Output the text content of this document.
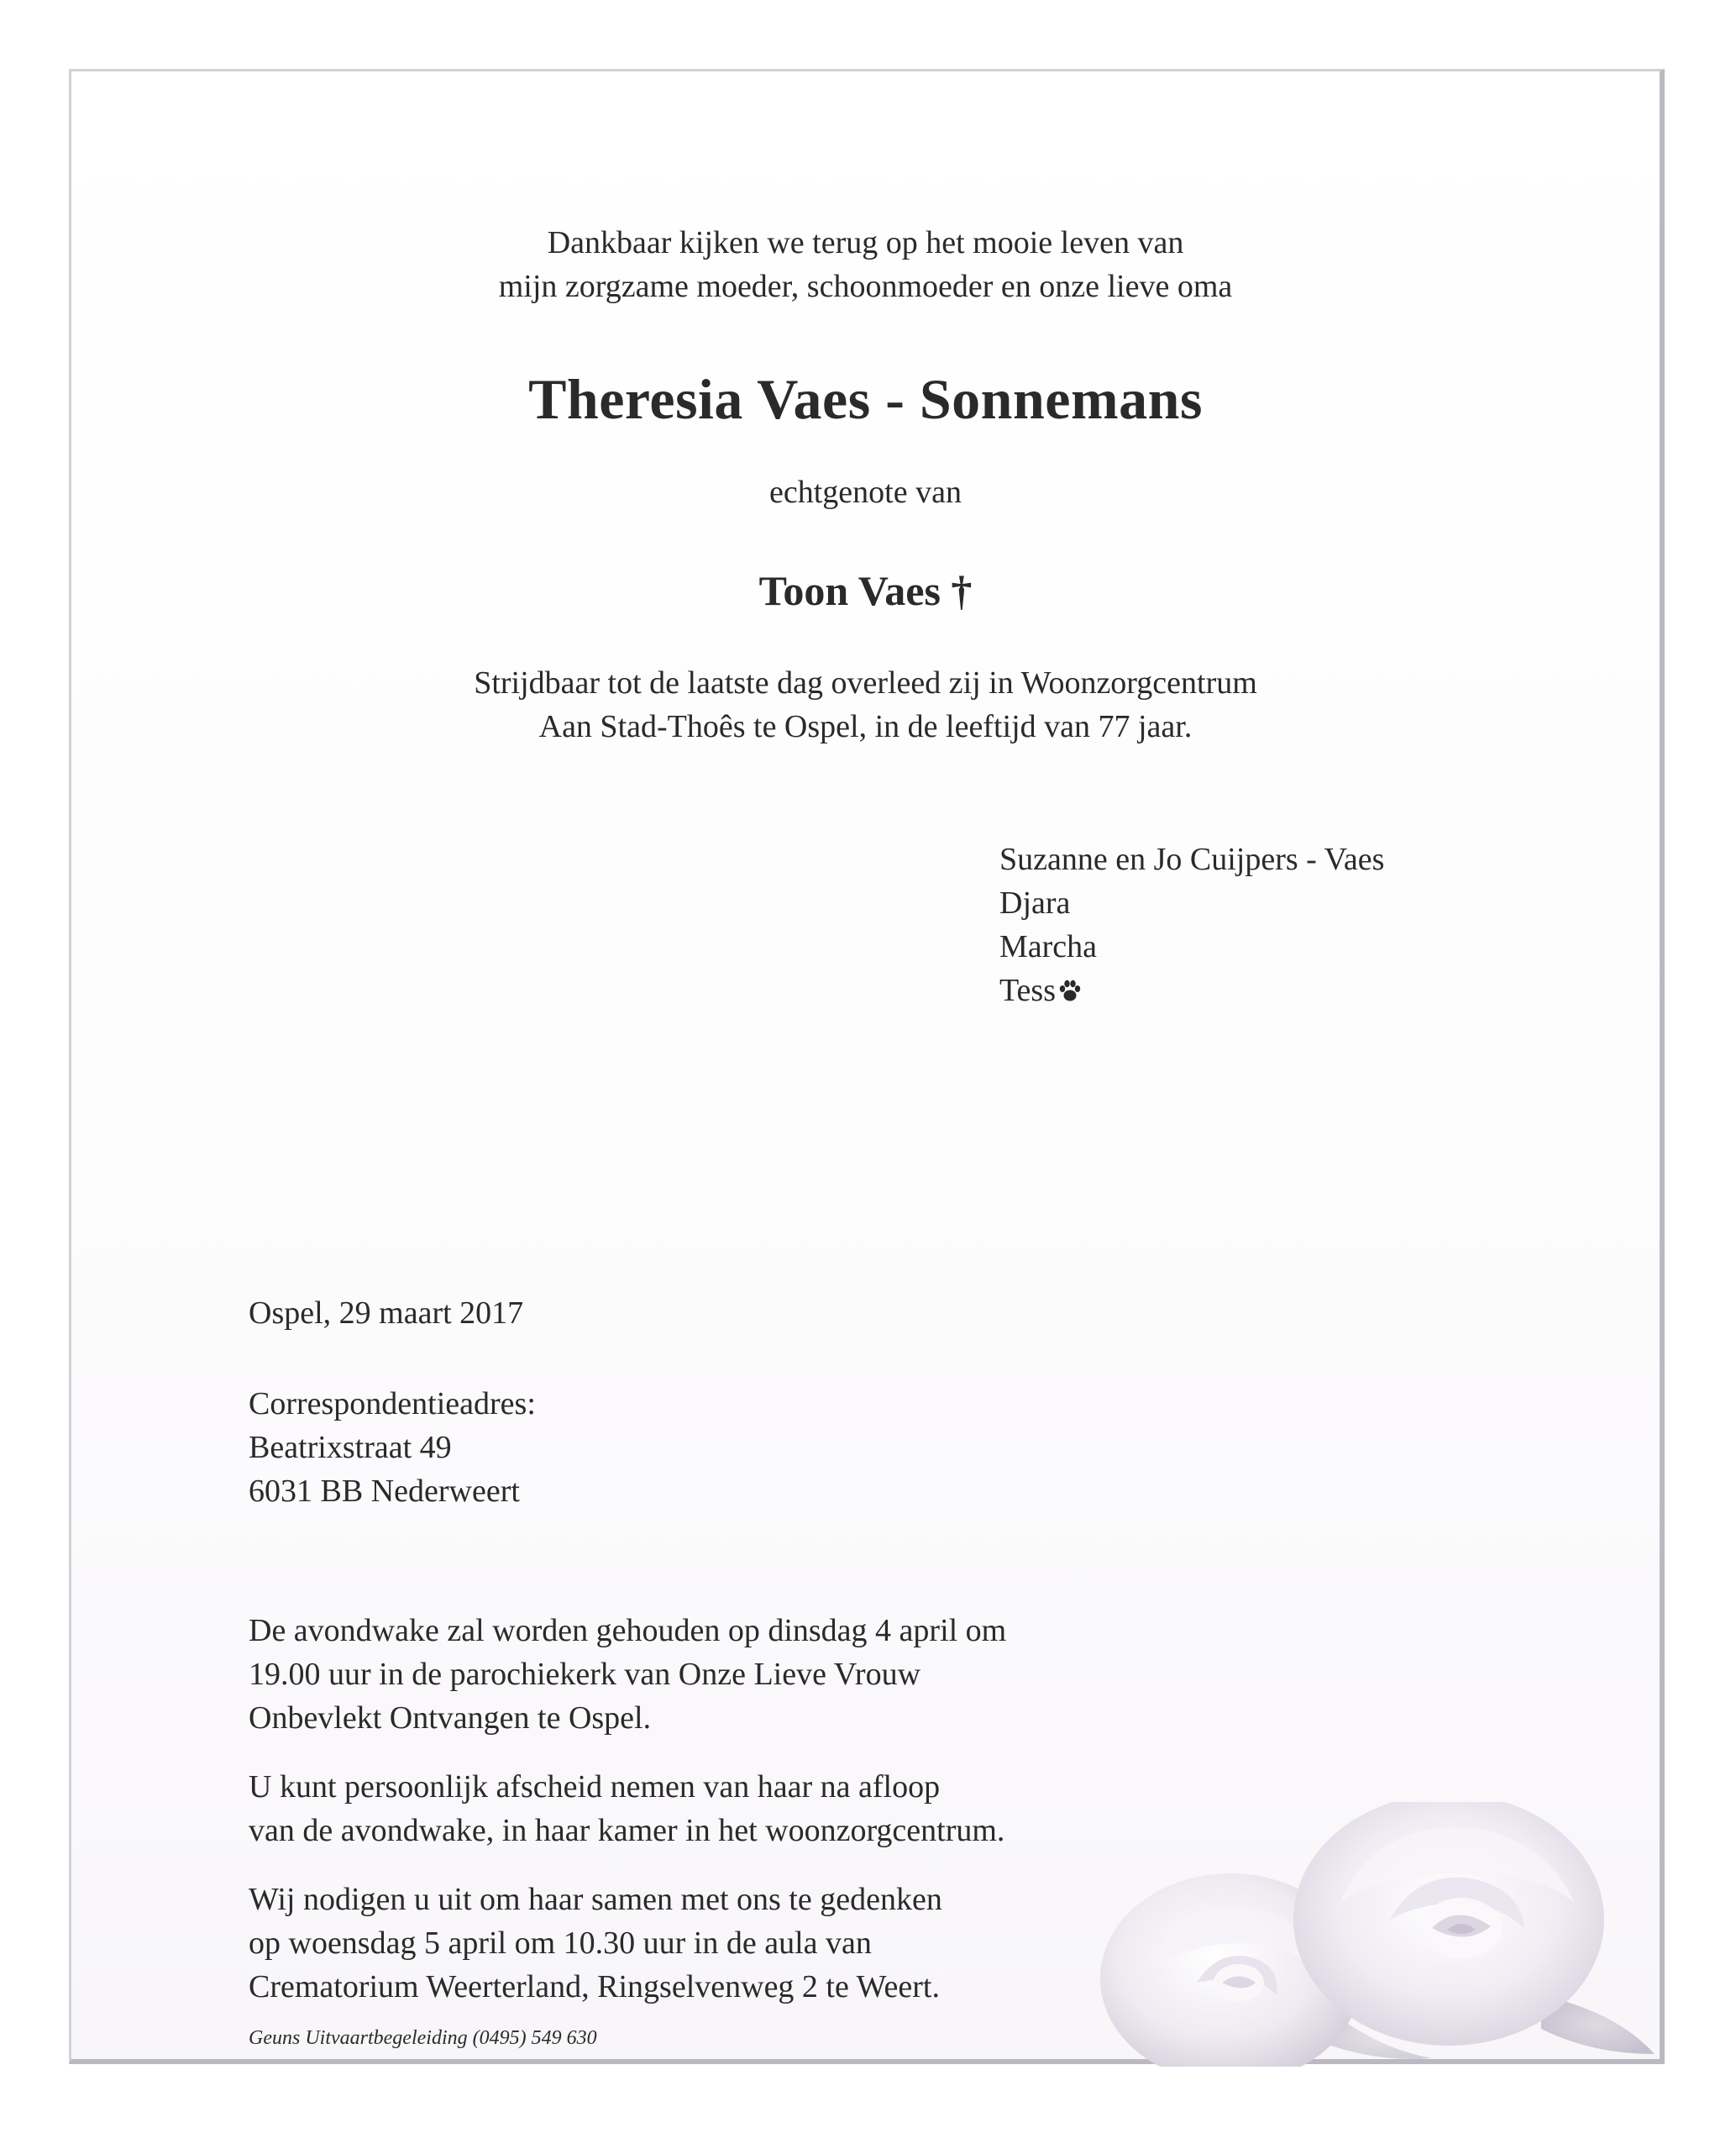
Dankbaar kijken we terug op het mooie leven van
mijn zorgzame moeder, schoonmoeder en onze lieve oma
Theresia Vaes - Sonnemans
echtgenote van
Toon Vaes †
Strijdbaar tot de laatste dag overleed zij in Woonzorgcentrum
Aan Stad-Thoês te Ospel, in de leeftijd van 77 jaar.
Suzanne en Jo Cuijpers - Vaes
Djara
Marcha
Tess
Ospel, 29 maart 2017
Correspondentieadres:
Beatrixstraat 49
6031 BB Nederweert
De avondwake zal worden gehouden op dinsdag 4 april om
19.00 uur in de parochiekerk van Onze Lieve Vrouw
Onbevlekt Ontvangen te Ospel.
U kunt persoonlijk afscheid nemen van haar na afloop
van de avondwake, in haar kamer in het woonzorgcentrum.
Wij nodigen u uit om haar samen met ons te gedenken
op woensdag 5 april om 10.30 uur in de aula van
Crematorium Weerterland, Ringselvenweg 2 te Weert.
Geuns Uitvaartbegeleiding (0495) 549 630
